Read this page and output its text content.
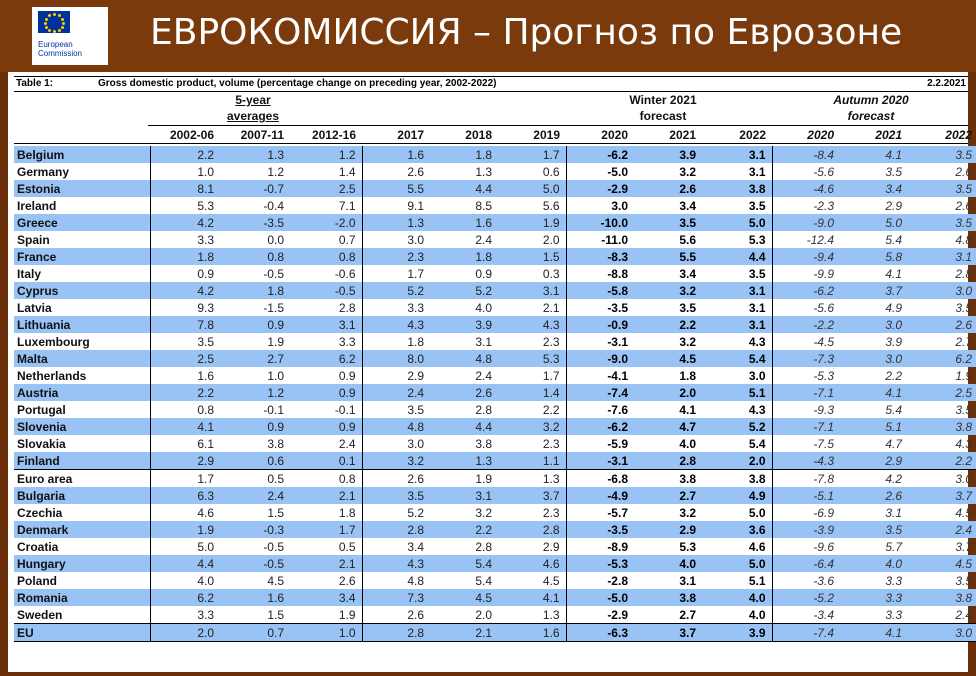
European
Commission
ЕВРОКОМИССИЯ – Прогноз по Еврозоне
Table 1:	Gross domestic product, volume (percentage change on preceding year, 2002-2022)	2.2.2021
5-year
averages
Winter 2021
forecast
Autumn 2020
forecast
2002-06	2007-11	2012-16	2017	2018	2019	2020	2021	2022	2020	2021	2022
Belgium	2.2	1.3	1.2	1.6	1.8	1.7	-6.2	3.9	3.1	-8.4	4.1	3.5
Germany	1.0	1.2	1.4	2.6	1.3	0.6	-5.0	3.2	3.1	-5.6	3.5	2.6
Estonia	8.1	-0.7	2.5	5.5	4.4	5.0	-2.9	2.6	3.8	-4.6	3.4	3.5
Ireland	5.3	-0.4	7.1	9.1	8.5	5.6	3.0	3.4	3.5	-2.3	2.9	2.6
Greece	4.2	-3.5	-2.0	1.3	1.6	1.9	-10.0	3.5	5.0	-9.0	5.0	3.5
Spain	3.3	0.0	0.7	3.0	2.4	2.0	-11.0	5.6	5.3	-12.4	5.4	4.8
France	1.8	0.8	0.8	2.3	1.8	1.5	-8.3	5.5	4.4	-9.4	5.8	3.1
Italy	0.9	-0.5	-0.6	1.7	0.9	0.3	-8.8	3.4	3.5	-9.9	4.1	2.8
Cyprus	4.2	1.8	-0.5	5.2	5.2	3.1	-5.8	3.2	3.1	-6.2	3.7	3.0
Latvia	9.3	-1.5	2.8	3.3	4.0	2.1	-3.5	3.5	3.1	-5.6	4.9	3.5
Lithuania	7.8	0.9	3.1	4.3	3.9	4.3	-0.9	2.2	3.1	-2.2	3.0	2.6
Luxembourg	3.5	1.9	3.3	1.8	3.1	2.3	-3.1	3.2	4.3	-4.5	3.9	2.7
Malta	2.5	2.7	6.2	8.0	4.8	5.3	-9.0	4.5	5.4	-7.3	3.0	6.2
Netherlands	1.6	1.0	0.9	2.9	2.4	1.7	-4.1	1.8	3.0	-5.3	2.2	1.9
Austria	2.2	1.2	0.9	2.4	2.6	1.4	-7.4	2.0	5.1	-7.1	4.1	2.5
Portugal	0.8	-0.1	-0.1	3.5	2.8	2.2	-7.6	4.1	4.3	-9.3	5.4	3.5
Slovenia	4.1	0.9	0.9	4.8	4.4	3.2	-6.2	4.7	5.2	-7.1	5.1	3.8
Slovakia	6.1	3.8	2.4	3.0	3.8	2.3	-5.9	4.0	5.4	-7.5	4.7	4.3
Finland	2.9	0.6	0.1	3.2	1.3	1.1	-3.1	2.8	2.0	-4.3	2.9	2.2
Euro area	1.7	0.5	0.8	2.6	1.9	1.3	-6.8	3.8	3.8	-7.8	4.2	3.0
Bulgaria	6.3	2.4	2.1	3.5	3.1	3.7	-4.9	2.7	4.9	-5.1	2.6	3.7
Czechia	4.6	1.5	1.8	5.2	3.2	2.3	-5.7	3.2	5.0	-6.9	3.1	4.5
Denmark	1.9	-0.3	1.7	2.8	2.2	2.8	-3.5	2.9	3.6	-3.9	3.5	2.4
Croatia	5.0	-0.5	0.5	3.4	2.8	2.9	-8.9	5.3	4.6	-9.6	5.7	3.7
Hungary	4.4	-0.5	2.1	4.3	5.4	4.6	-5.3	4.0	5.0	-6.4	4.0	4.5
Poland	4.0	4.5	2.6	4.8	5.4	4.5	-2.8	3.1	5.1	-3.6	3.3	3.5
Romania	6.2	1.6	3.4	7.3	4.5	4.1	-5.0	3.8	4.0	-5.2	3.3	3.8
Sweden	3.3	1.5	1.9	2.6	2.0	1.3	-2.9	2.7	4.0	-3.4	3.3	2.4
EU	2.0	0.7	1.0	2.8	2.1	1.6	-6.3	3.7	3.9	-7.4	4.1	3.0
